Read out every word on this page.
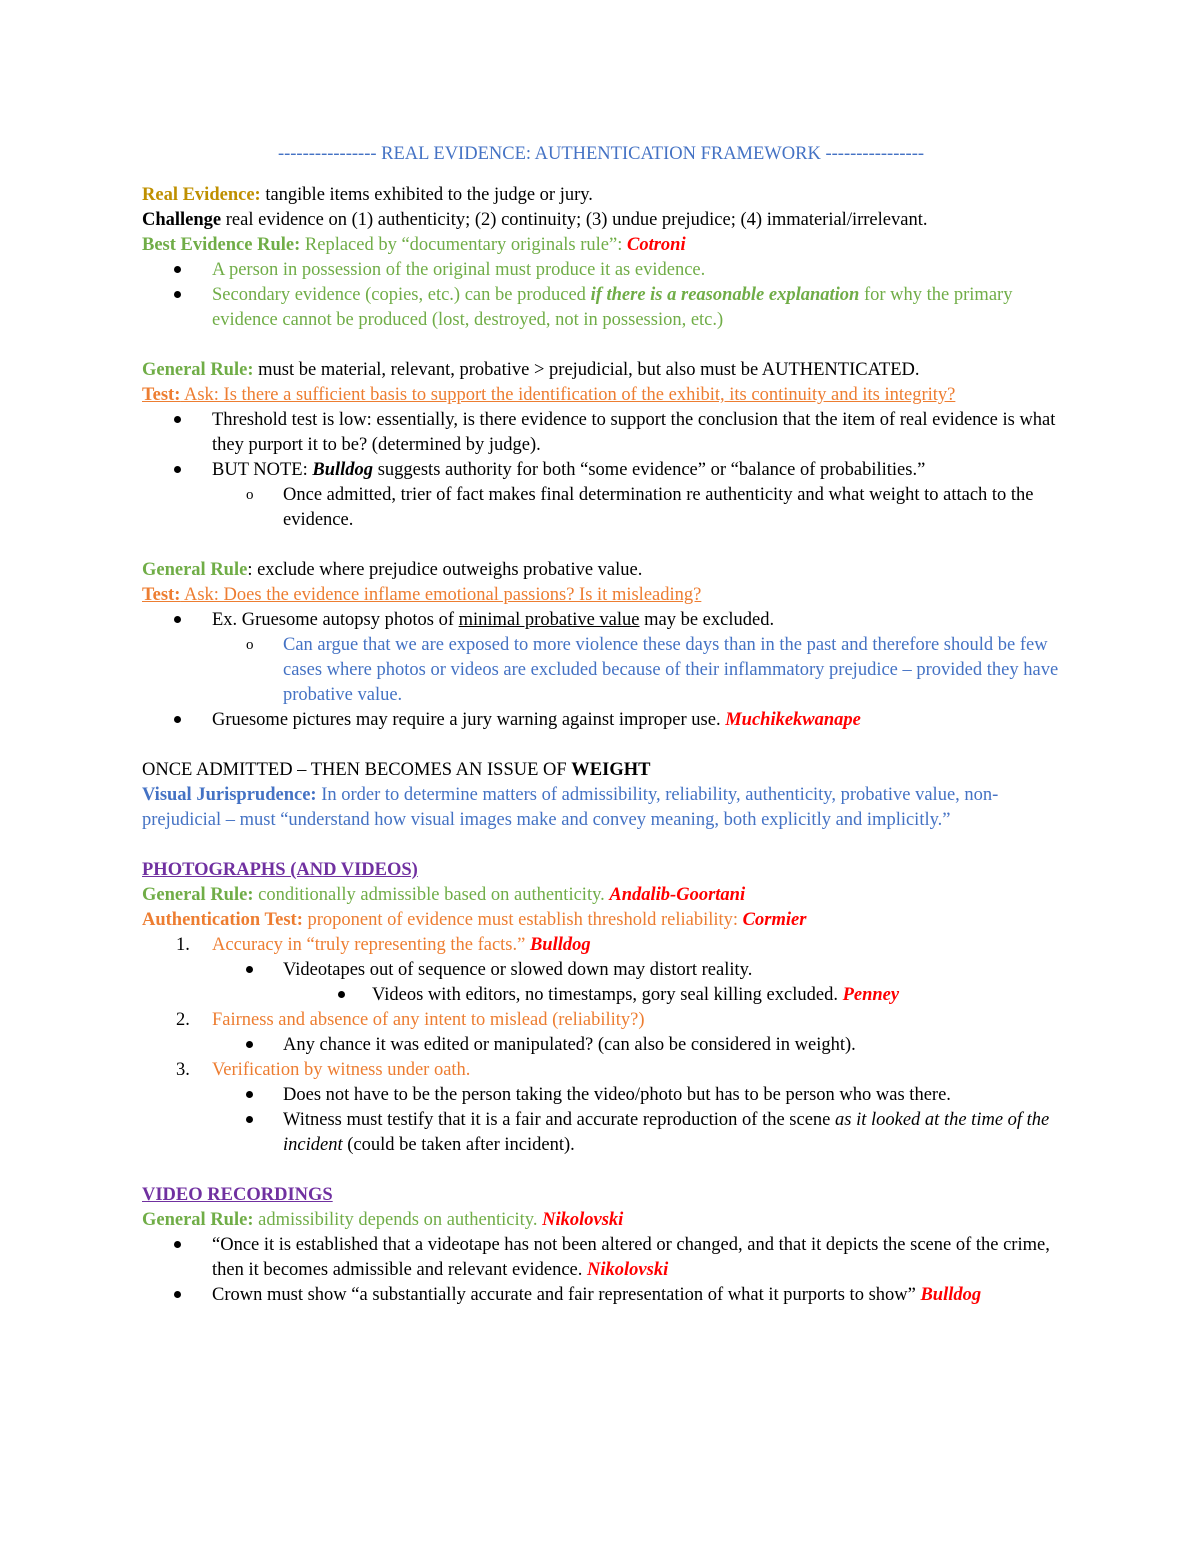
---------------- REAL EVIDENCE: AUTHENTICATION FRAMEWORK ----------------

Real Evidence: tangible items exhibited to the judge or jury.

Challenge real evidence on (1) authenticity; (2) continuity; (3) undue prejudice; (4) immaterial/irrelevant.

Best Evidence Rule: Replaced by “documentary originals rule”: Cotroni

A person in possession of the original must produce it as evidence.
Secondary evidence (copies, etc.) can be produced if there is a reasonable explanation for why the primary evidence cannot be produced (lost, destroyed, not in possession, etc.)

General Rule: must be material, relevant, probative > prejudicial, but also must be AUTHENTICATED.

Test: Ask: Is there a sufficient basis to support the identification of the exhibit, its continuity and its integrity?

Threshold test is low: essentially, is there evidence to support the conclusion that the item of real evidence is what they purport it to be? (determined by judge).
BUT NOTE: Bulldog suggests authority for both “some evidence” or “balance of probabilities.”
o Once admitted, trier of fact makes final determination re authenticity and what weight to attach to the evidence.

General Rule: exclude where prejudice outweighs probative value.

Test: Ask: Does the evidence inflame emotional passions? Is it misleading?

Ex. Gruesome autopsy photos of minimal probative value may be excluded.
o Can argue that we are exposed to more violence these days than in the past and therefore should be few cases where photos or videos are excluded because of their inflammatory prejudice – provided they have probative value.
Gruesome pictures may require a jury warning against improper use. Muchikekwanape

ONCE ADMITTED – THEN BECOMES AN ISSUE OF WEIGHT

Visual Jurisprudence: In order to determine matters of admissibility, reliability, authenticity, probative value, non-prejudicial – must “understand how visual images make and convey meaning, both explicitly and implicitly.”

PHOTOGRAPHS (AND VIDEOS)

General Rule: conditionally admissible based on authenticity. Andalib-Goortani

Authentication Test: proponent of evidence must establish threshold reliability: Cormier

1. Accuracy in “truly representing the facts.” Bulldog
Videotapes out of sequence or slowed down may distort reality.
Videos with editors, no timestamps, gory seal killing excluded. Penney
2. Fairness and absence of any intent to mislead (reliability?)
Any chance it was edited or manipulated? (can also be considered in weight).
3. Verification by witness under oath.
Does not have to be the person taking the video/photo but has to be person who was there.
Witness must testify that it is a fair and accurate reproduction of the scene as it looked at the time of the incident (could be taken after incident).

VIDEO RECORDINGS

General Rule: admissibility depends on authenticity. Nikolovski

“Once it is established that a videotape has not been altered or changed, and that it depicts the scene of the crime, then it becomes admissible and relevant evidence. Nikolovski
Crown must show “a substantially accurate and fair representation of what it purports to show” Bulldog
